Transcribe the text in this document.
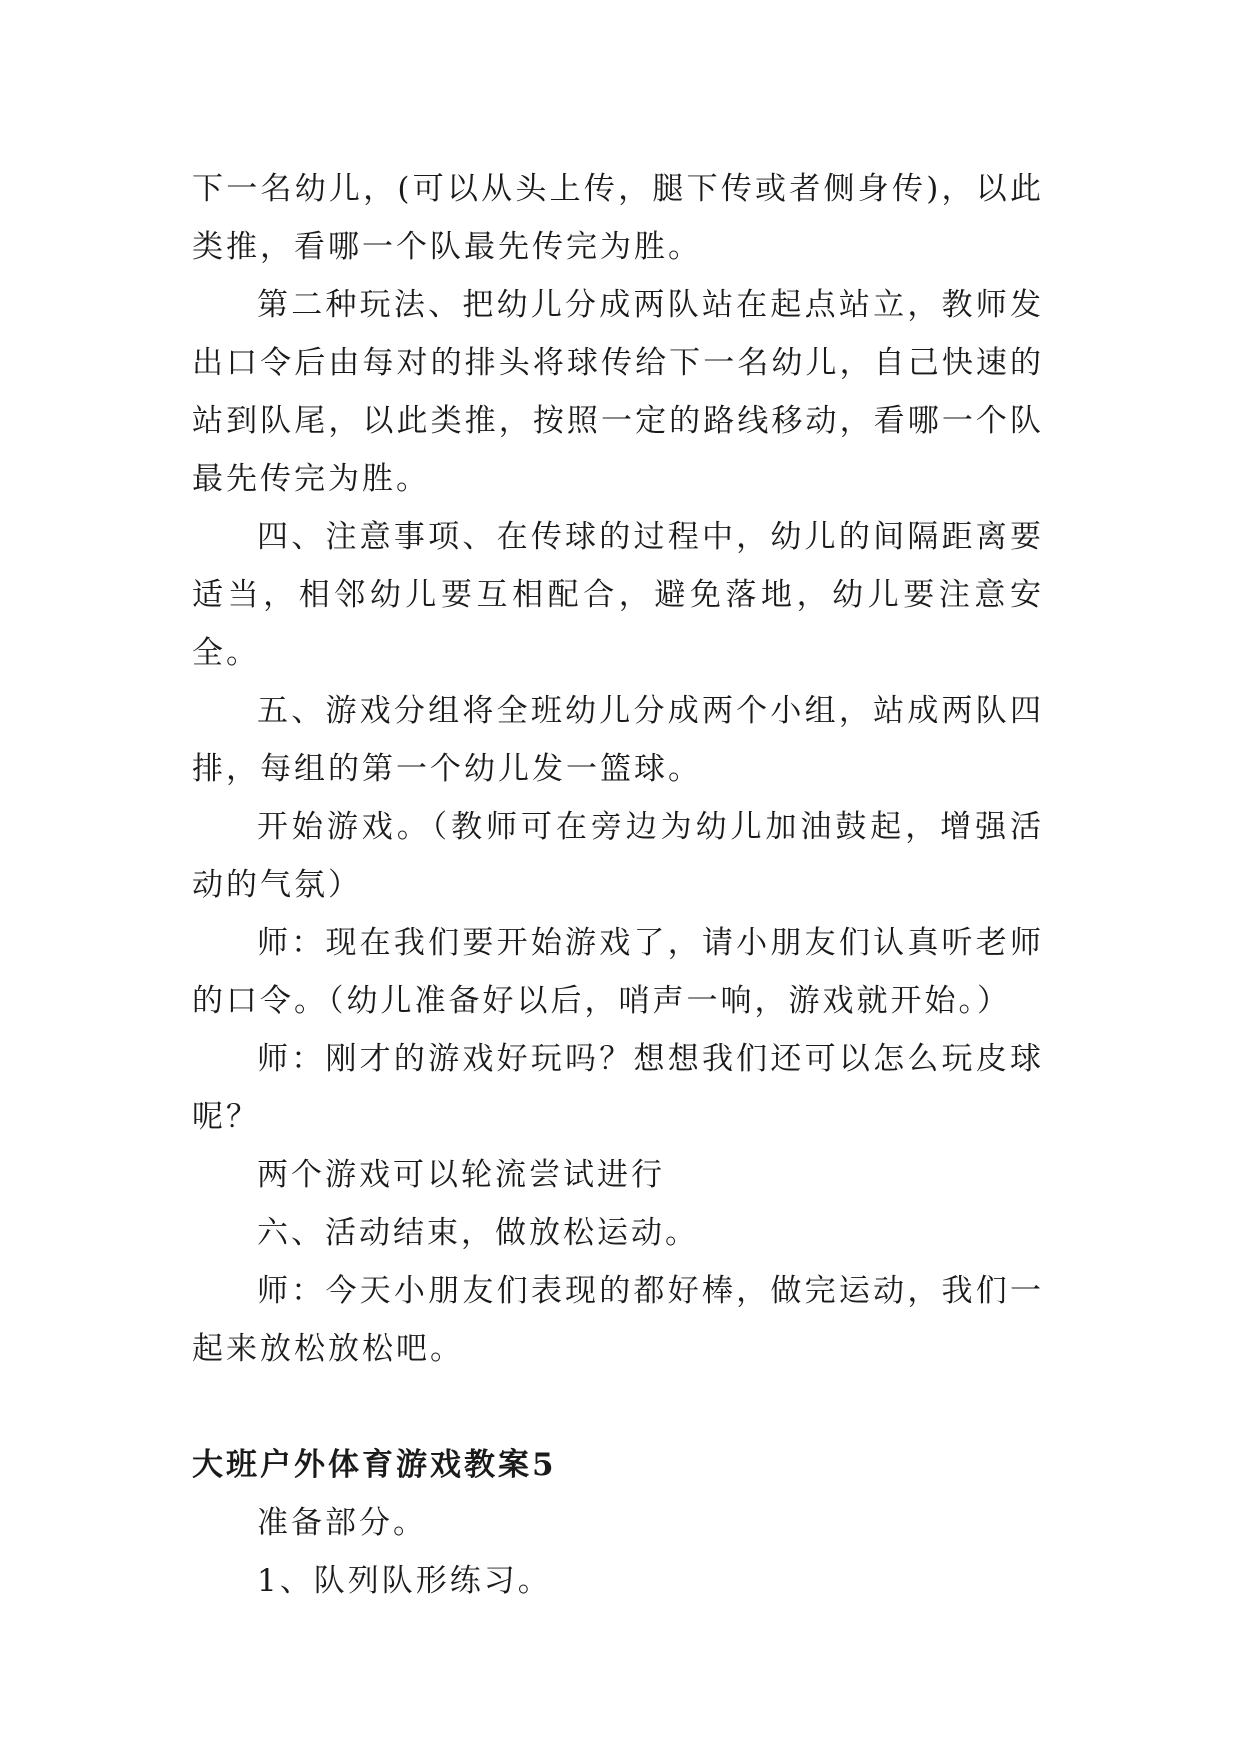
下一名幼儿，(可以从头上传，腿下传或者侧身传)，以此类推，看哪一个队最先传完为胜。

第二种玩法、把幼儿分成两队站在起点站立，教师发出口令后由每对的排头将球传给下一名幼儿，自己快速的站到队尾，以此类推，按照一定的路线移动，看哪一个队最先传完为胜。

四、注意事项、在传球的过程中，幼儿的间隔距离要适当，相邻幼儿要互相配合，避免落地，幼儿要注意安全。

五、游戏分组将全班幼儿分成两个小组，站成两队四排，每组的第一个幼儿发一篮球。

开始游戏。（教师可在旁边为幼儿加油鼓起，增强活动的气氛）

师：现在我们要开始游戏了，请小朋友们认真听老师的口令。（幼儿准备好以后，哨声一响，游戏就开始。）

师：刚才的游戏好玩吗？想想我们还可以怎么玩皮球呢？

两个游戏可以轮流尝试进行

六、活动结束，做放松运动。

师：今天小朋友们表现的都好棒，做完运动，我们一起来放松放松吧。

大班户外体育游戏教案5

准备部分。

1、队列队形练习。
